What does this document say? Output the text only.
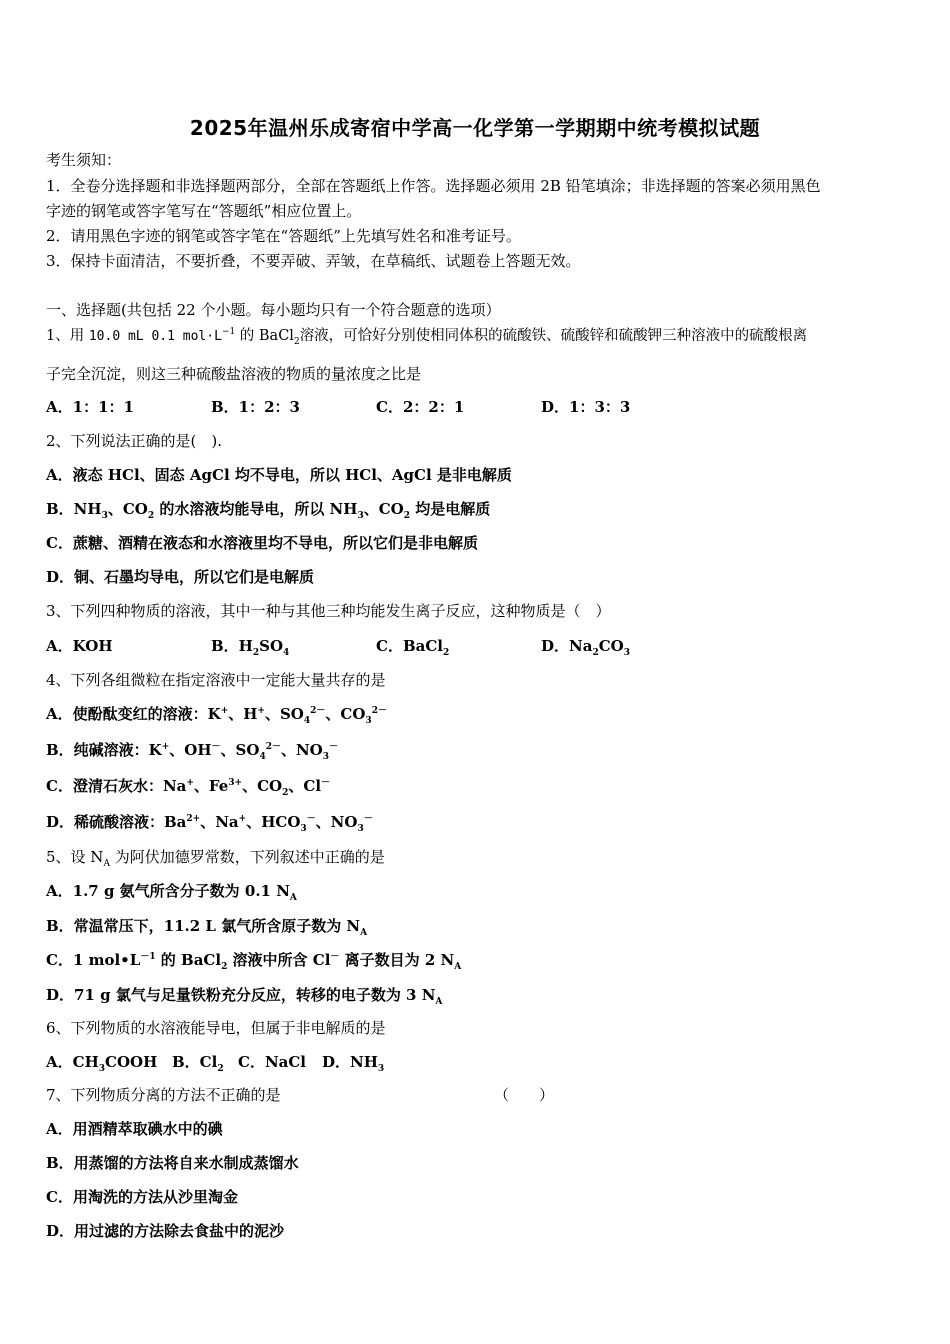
2025年温州乐成寄宿中学高一化学第一学期期中统考模拟试题
考生须知：
1．全卷分选择题和非选择题两部分，全部在答题纸上作答。选择题必须用 2B 铅笔填涂；非选择题的答案必须用黑色
字迹的钢笔或答字笔写在“答题纸”相应位置上。
2．请用黑色字迹的钢笔或答字笔在“答题纸”上先填写姓名和准考证号。
3．保持卡面清洁，不要折叠，不要弄破、弄皱，在草稿纸、试题卷上答题无效。
一、选择题(共包括 22 个小题。每小题均只有一个符合题意的选项）
1、用 10.0 mL 0.1 $mol\cdot L^{-1}$ 的 BaCl$_2$溶液，可恰好分别使相同体积的硫酸铁、硫酸锌和硫酸钾三种溶液中的硫酸根离
子完全沉淀，则这三种硫酸盐溶液的物质的量浓度之比是
A．1：1：1	B．1：2：3	C．2：2：1	D．1：3：3
2、下列说法正确的是(　).
A．液态 HCl、固态 AgCl 均不导电，所以 HCl、AgCl 是非电解质
B．$NH_3$、$CO_2$ 的水溶液均能导电，所以 $NH_3$、$CO_2$ 均是电解质
C．蔗糖、酒精在液态和水溶液里均不导电，所以它们是非电解质
D．铜、石墨均导电，所以它们是电解质
3、下列四种物质的溶液，其中一种与其他三种均能发生离子反应，这种物质是（　）
A．KOH	B．$H_2SO_4$	C．BaCl$_2$	D．$Na_2CO_3$
4、下列各组微粒在指定溶液中一定能大量共存的是
A．使酚酞变红的溶液：K+、H+、$SO_4^{2-}$、$CO_3^{2-}$
B．纯碱溶液：K+、OH－、$SO_4^{2-}$、$NO_3^-$
C．澄清石灰水：Na+、$Fe^{3+}$、$CO_2$、Cl－
D．稀硫酸溶液：$Ba^{2+}$、Na+、$HCO_3^-$、$NO_3^-$
5、设 $N_A$ 为阿伏加德罗常数，下列叙述中正确的是
A．1.7 g 氨气所含分子数为 0.1 $N_A$
B．常温常压下，11.2 L 氯气所含原子数为 $N_A$
C．1 $mol•L^{-1}$ 的 BaCl$_2$ 溶液中所含 Cl－ 离子数目为 2 $N_A$
D．71 g 氯气与足量铁粉充分反应，转移的电子数为 3 $N_A$
6、下列物质的水溶液能导电，但属于非电解质的是
A．$CH_3COOH$ B．$Cl_2$ C．NaCl D．$NH_3$
7、下列物质分离的方法不正确的是	（　　）
A．用酒精萃取碘水中的碘
B．用蒸馏的方法将自来水制成蒸馏水
C．用淘洗的方法从沙里淘金
D．用过滤的方法除去食盐中的泥沙
